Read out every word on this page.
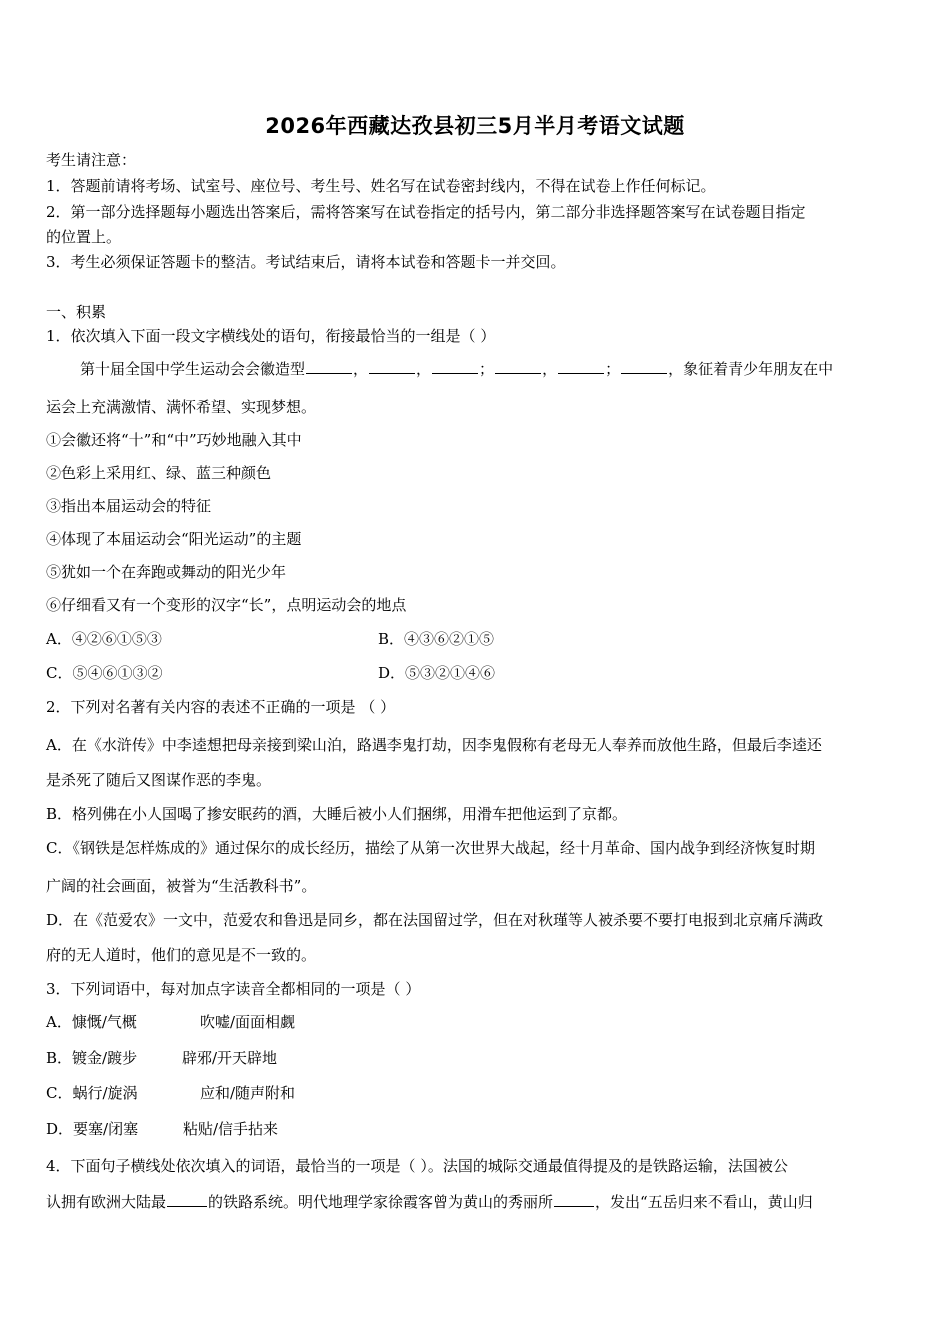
2026年西藏达孜县初三5月半月考语文试题
考生请注意：
1．答题前请将考场、试室号、座位号、考生号、姓名写在试卷密封线内，不得在试卷上作任何标记。
2．第一部分选择题每小题选出答案后，需将答案写在试卷指定的括号内，第二部分非选择题答案写在试卷题目指定
的位置上。
3．考生必须保证答题卡的整洁。考试结束后，请将本试卷和答题卡一并交回。
一、积累
1．依次填入下面一段文字横线处的语句，衔接最恰当的一组是（ ）
第十届全国中学生运动会会徽造型	，	，	；	，	；	，象征着青少年朋友在中
运会上充满激情、满怀希望、实现梦想。
①会徽还将“十”和“中”巧妙地融入其中
②色彩上采用红、绿、蓝三种颜色
③指出本届运动会的特征
④体现了本届运动会“阳光运动”的主题
⑤犹如一个在奔跑或舞动的阳光少年
⑥仔细看又有一个变形的汉字“长”，点明运动会的地点
A．④②⑥①⑤③	B．④③⑥②①⑤
C．⑤④⑥①③②	D．⑤③②①④⑥
2．下列对名著有关内容的表述不正确的一项是 （ ）
A．在《水浒传》中李逵想把母亲接到梁山泊，路遇李鬼打劫，因李鬼假称有老母无人奉养而放他生路，但最后李逵还
是杀死了随后又图谋作恶的李鬼。
B．格列佛在小人国喝了掺安眠药的酒，大睡后被小人们捆绑，用滑车把他运到了京都。
C．《钢铁是怎样炼成的》通过保尔的成长经历，描绘了从第一次世界大战起，经十月革命、国内战争到经济恢复时期
广阔的社会画面，被誉为“生活教科书”。
D．在《范爱农》一文中，范爱农和鲁迅是同乡，都在法国留过学，但在对秋瑾等人被杀要不要打电报到北京痛斥满政
府的无人道时，他们的意见是不一致的。
3．下列词语中，每对加点字读音全都相同的一项是（ ）
A．慷慨/气概	吹嘘/面面相觑
B．镀金/踱步	辟邪/开天辟地
C．蜗行/旋涡	应和/随声附和
D．要塞/闭塞	粘贴/信手拈来
4．下面句子横线处依次填入的词语，最恰当的一项是（ ）。法国的城际交通最值得提及的是铁路运输，法国被公
认拥有欧洲大陆最	的铁路系统。明代地理学家徐霞客曾为黄山的秀丽所	，发出“五岳归来不看山，黄山归
